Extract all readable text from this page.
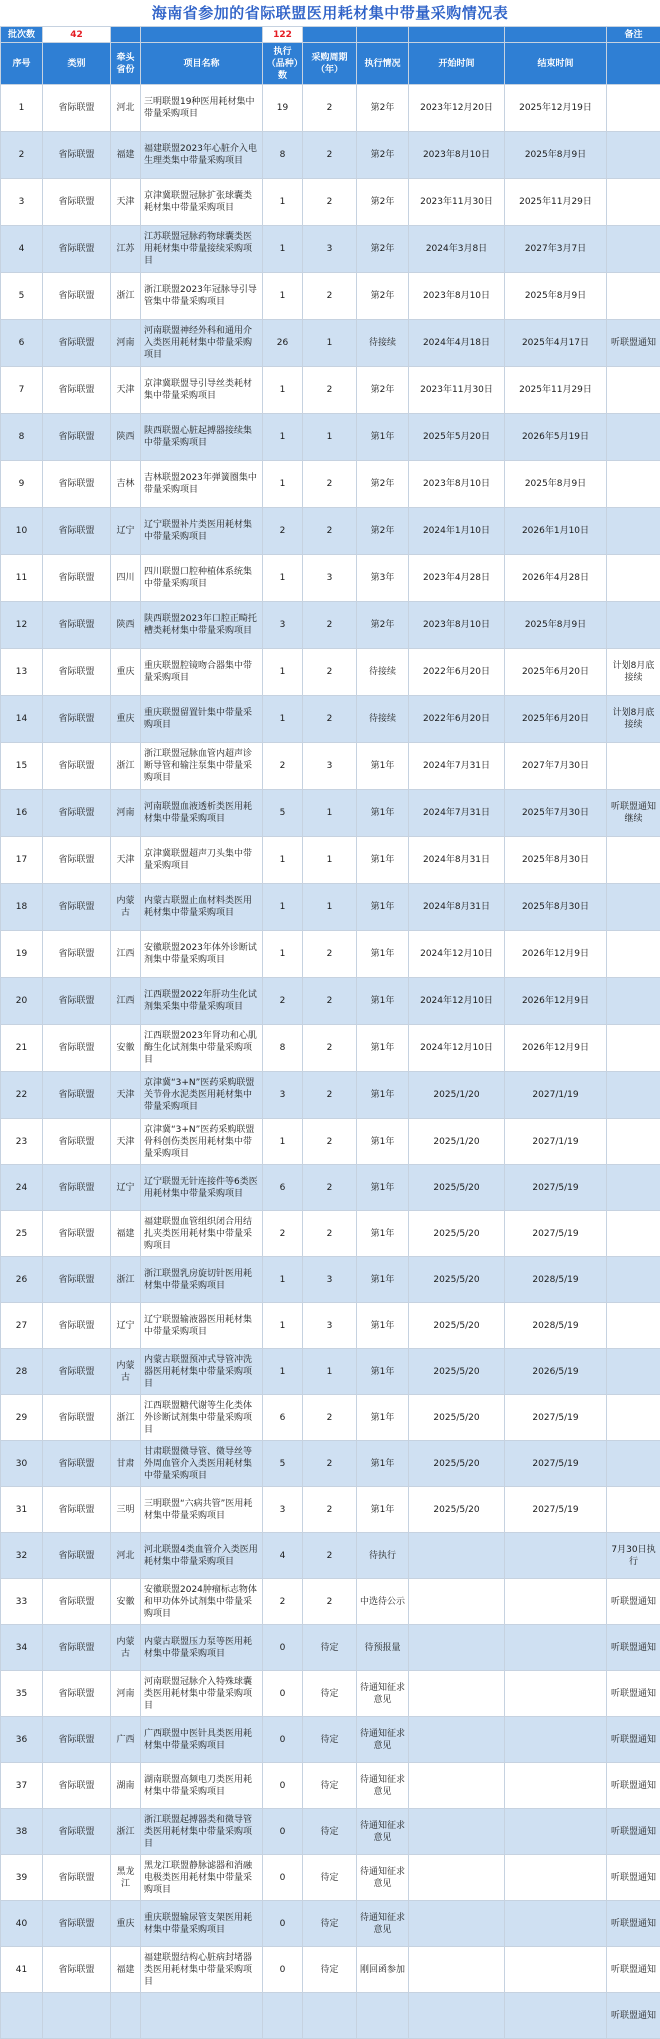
海南省参加的省际联盟医用耗材集中带量采购情况表
批次数	42			122					备注
序号	类别	牵头省份	项目名称	执行（品种）数	采购周期（年）	执行情况	开始时间	结束时间	
1	省际联盟	河北	三明联盟19种医用耗材集中带量采购项目	19	2	第2年	2023年12月20日	2025年12月19日	
2	省际联盟	福建	福建联盟2023年心脏介入电生理类集中带量采购项目	8	2	第2年	2023年8月10日	2025年8月9日	
3	省际联盟	天津	京津冀联盟冠脉扩张球囊类耗材集中带量采购项目	1	2	第2年	2023年11月30日	2025年11月29日	
4	省际联盟	江苏	江苏联盟冠脉药物球囊类医用耗材集中带量接续采购项目	1	3	第2年	2024年3月8日	2027年3月7日	
5	省际联盟	浙江	浙江联盟2023年冠脉导引导管集中带量采购项目	1	2	第2年	2023年8月10日	2025年8月9日	
6	省际联盟	河南	河南联盟神经外科和通用介入类医用耗材集中带量采购项目	26	1	待接续	2024年4月18日	2025年4月17日	听联盟通知
7	省际联盟	天津	京津冀联盟导引导丝类耗材集中带量采购项目	1	2	第2年	2023年11月30日	2025年11月29日	
8	省际联盟	陕西	陕西联盟心脏起搏器接续集中带量采购项目	1	1	第1年	2025年5月20日	2026年5月19日	
9	省际联盟	吉林	吉林联盟2023年弹簧圈集中带量采购项目	1	2	第2年	2023年8月10日	2025年8月9日	
10	省际联盟	辽宁	辽宁联盟补片类医用耗材集中带量采购项目	2	2	第2年	2024年1月10日	2026年1月10日	
11	省际联盟	四川	四川联盟口腔种植体系统集中带量采购项目	1	3	第3年	2023年4月28日	2026年4月28日	
12	省际联盟	陕西	陕西联盟2023年口腔正畸托槽类耗材集中带量采购项目	3	2	第2年	2023年8月10日	2025年8月9日	
13	省际联盟	重庆	重庆联盟腔镜吻合器集中带量采购项目	1	2	待接续	2022年6月20日	2025年6月20日	计划8月底接续
14	省际联盟	重庆	重庆联盟留置针集中带量采购项目	1	2	待接续	2022年6月20日	2025年6月20日	计划8月底接续
15	省际联盟	浙江	浙江联盟冠脉血管内超声诊断导管和输注泵集中带量采购项目	2	3	第1年	2024年7月31日	2027年7月30日	
16	省际联盟	河南	河南联盟血液透析类医用耗材集中带量采购项目	5	1	第1年	2024年7月31日	2025年7月30日	听联盟通知继续
17	省际联盟	天津	京津冀联盟超声刀头集中带量采购项目	1	1	第1年	2024年8月31日	2025年8月30日	
18	省际联盟	内蒙古	内蒙古联盟止血材料类医用耗材集中带量采购项目	1	1	第1年	2024年8月31日	2025年8月30日	
19	省际联盟	江西	安徽联盟2023年体外诊断试剂集中带量采购项目	1	2	第1年	2024年12月10日	2026年12月9日	
20	省际联盟	江西	江西联盟2022年肝功生化试剂集采集中带量采购项目	2	2	第1年	2024年12月10日	2026年12月9日	
21	省际联盟	安徽	江西联盟2023年肾功和心肌酶生化试剂集中带量采购项目	8	2	第1年	2024年12月10日	2026年12月9日	
22	省际联盟	天津	京津冀“3+N”医药采购联盟关节骨水泥类医用耗材集中带量采购项目	3	2	第1年	2025/1/20	2027/1/19	
23	省际联盟	天津	京津冀“3+N”医药采购联盟骨科创伤类医用耗材集中带量采购项目	1	2	第1年	2025/1/20	2027/1/19	
24	省际联盟	辽宁	辽宁联盟无针连接件等6类医用耗材集中带量采购项目	6	2	第1年	2025/5/20	2027/5/19	
25	省际联盟	福建	福建联盟血管组织闭合用结扎夹类医用耗材集中带量采购项目	2	2	第1年	2025/5/20	2027/5/19	
26	省际联盟	浙江	浙江联盟乳房旋切针医用耗材集中带量采购项目	1	3	第1年	2025/5/20	2028/5/19	
27	省际联盟	辽宁	辽宁联盟输液器医用耗材集中带量采购项目	1	3	第1年	2025/5/20	2028/5/19	
28	省际联盟	内蒙古	内蒙古联盟预冲式导管冲洗器医用耗材集中带量采购项目	1	1	第1年	2025/5/20	2026/5/19	
29	省际联盟	浙江	江西联盟糖代谢等生化类体外诊断试剂集中带量采购项目	6	2	第1年	2025/5/20	2027/5/19	
30	省际联盟	甘肃	甘肃联盟微导管、微导丝等外周血管介入类医用耗材集中带量采购项目	5	2	第1年	2025/5/20	2027/5/19	
31	省际联盟	三明	三明联盟“六病共管”医用耗材集中带量采购项目	3	2	第1年	2025/5/20	2027/5/19	
32	省际联盟	河北	河北联盟4类血管介入类医用耗材集中带量采购项目	4	2	待执行			7月30日执行
33	省际联盟	安徽	安徽联盟2024肿瘤标志物体和甲功体外试剂集中带量采购项目	2	2	中选待公示			听联盟通知
34	省际联盟	内蒙古	内蒙古联盟压力泵等医用耗材集中带量采购项目	0	待定	待预报量			听联盟通知
35	省际联盟	河南	河南联盟冠脉介入特殊球囊类医用耗材集中带量采购项目	0	待定	待通知征求意见			听联盟通知
36	省际联盟	广西	广西联盟中医针具类医用耗材集中带量采购项目	0	待定	待通知征求意见			听联盟通知
37	省际联盟	湖南	湖南联盟高频电刀类医用耗材集中带量采购项目	0	待定	待通知征求意见			听联盟通知
38	省际联盟	浙江	浙江联盟起搏器类和微导管类医用耗材集中带量采购项目	0	待定	待通知征求意见			听联盟通知
39	省际联盟	黑龙江	黑龙江联盟静脉滤器和消融电极类医用耗材集中带量采购项目	0	待定	待通知征求意见			听联盟通知
40	省际联盟	重庆	重庆联盟输尿管支架医用耗材集中带量采购项目	0	待定	待通知征求意见			听联盟通知
41	省际联盟	福建	福建联盟结构心脏病封堵器类医用耗材集中带量采购项目	0	待定	刚回函参加			听联盟通知
									听联盟通知
